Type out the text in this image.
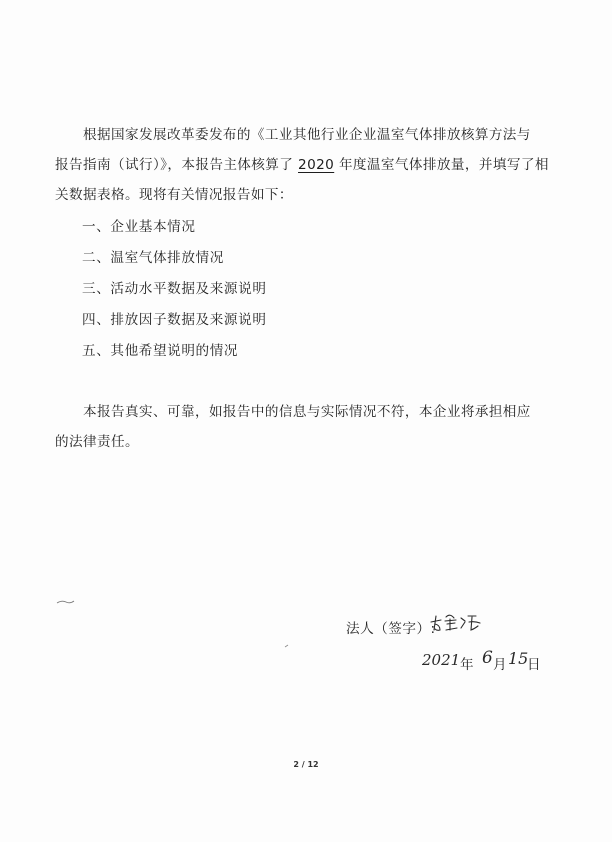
根据国家发展改革委发布的《工业其他行业企业温室气体排放核算方法与
报告指南（试行）》，本报告主体核算了 2020 年度温室气体排放量，并填写了相
关数据表格。现将有关情况报告如下：

一、企业基本情况
二、温室气体排放情况
三、活动水平数据及来源说明
四、排放因子数据及来源说明
五、其他希望说明的情况

本报告真实、可靠，如报告中的信息与实际情况不符，本企业将承担相应
的法律责任。

法人（签字）:
2021 年 6 月 15
日
2 / 12
